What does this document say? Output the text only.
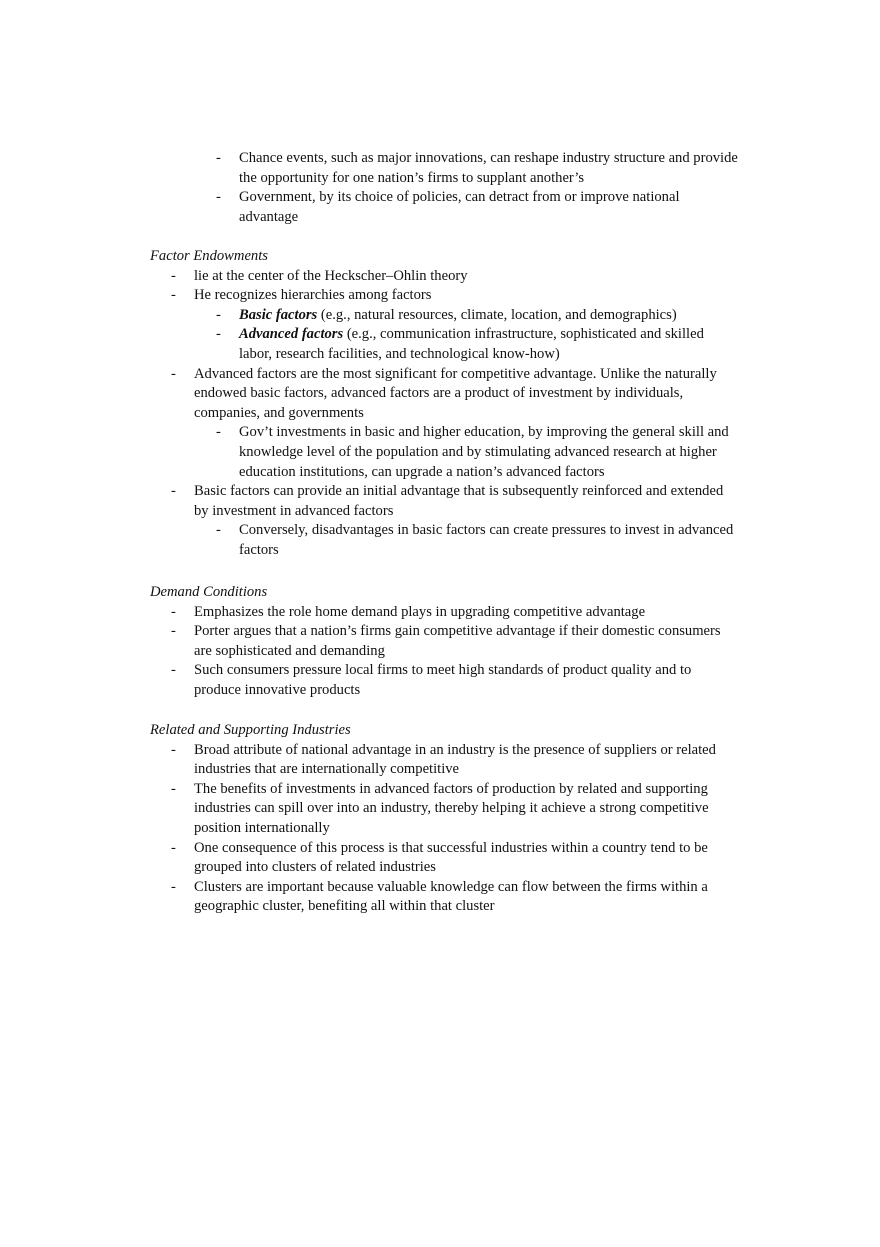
- Chance events, such as major innovations, can reshape industry structure and provide the opportunity for one nation’s firms to supplant another’s
- Government, by its choice of policies, can detract from or improve national advantage

Factor Endowments

- lie at the center of the Heckscher–Ohlin theory
- He recognizes hierarchies among factors
- Basic factors (e.g., natural resources, climate, location, and demographics)
- Advanced factors (e.g., communication infrastructure, sophisticated and skilled labor, research facilities, and technological know-how)
- Advanced factors are the most significant for competitive advantage. Unlike the naturally endowed basic factors, advanced factors are a product of investment by individuals, companies, and governments
- Gov’t investments in basic and higher education, by improving the general skill and knowledge level of the population and by stimulating advanced research at higher education institutions, can upgrade a nation’s advanced factors
- Basic factors can provide an initial advantage that is subsequently reinforced and extended by investment in advanced factors
- Conversely, disadvantages in basic factors can create pressures to invest in advanced factors

Demand Conditions

- Emphasizes the role home demand plays in upgrading competitive advantage
- Porter argues that a nation’s firms gain competitive advantage if their domestic consumers are sophisticated and demanding
- Such consumers pressure local firms to meet high standards of product quality and to produce innovative products

Related and Supporting Industries

- Broad attribute of national advantage in an industry is the presence of suppliers or related industries that are internationally competitive
- The benefits of investments in advanced factors of production by related and supporting industries can spill over into an industry, thereby helping it achieve a strong competitive position internationally
- One consequence of this process is that successful industries within a country tend to be grouped into clusters of related industries
- Clusters are important because valuable knowledge can flow between the firms within a geographic cluster, benefiting all within that cluster
